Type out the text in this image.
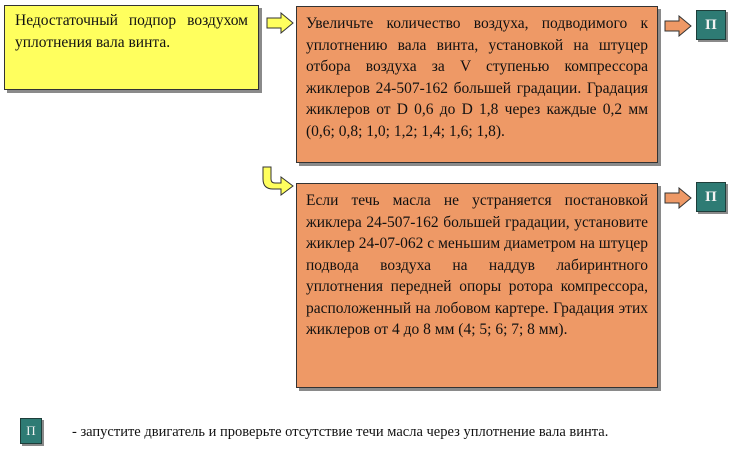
Недостаточный подпор воздухом уплотнения вала винта.
Увеличьте количество воздуха, подводимого к уплотнению вала винта, установкой на штуцер отбора воздуха за V ступенью компрессора жиклеров 24-507-162 большей градации. Градация жиклеров от D 0,6 до D 1,8 через каждые 0,2 мм (0,6; 0,8; 1,0; 1,2; 1,4; 1,6; 1,8).
П
Если течь масла не устраняется постановкой жиклера 24-507-162 большей градации, установите жиклер 24-07-062 с меньшим диаметром на штуцер подвода воздуха на наддув лабиринтного уплотнения передней опоры ротора компрессора, расположенный на лобовом картере. Градация этих жиклеров от 4 до 8 мм (4; 5; 6; 7; 8 мм).
П
П	- запустите двигатель и проверьте отсутствие течи масла через уплотнение вала винта.
